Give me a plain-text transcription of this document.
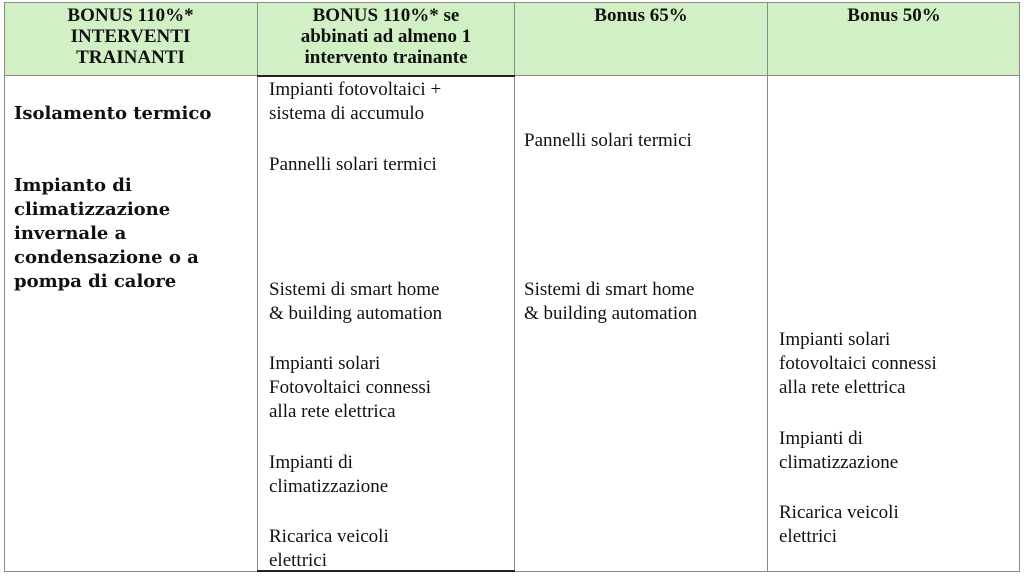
BONUS 110%*
INTERVENTI
TRAINANTI
BONUS 110%* se
abbinati ad almeno 1
intervento trainante
Bonus 65%	Bonus 50%

Isolamento termico

Impianto di
climatizzazione
invernale a
condensazione o a
pompa di calore

Impianti fotovoltaici +
sistema di accumulo
Pannelli solari termici
Sistemi di smart home
& building automation
Impianti solari
Fotovoltaici connessi
alla rete elettrica
Impianti di
climatizzazione
Ricarica veicoli
elettrici
Pannelli solari termici
Sistemi di smart home
& building automation
Impianti solari
fotovoltaici connessi
alla rete elettrica
Impianti di
climatizzazione
Ricarica veicoli
elettrici
